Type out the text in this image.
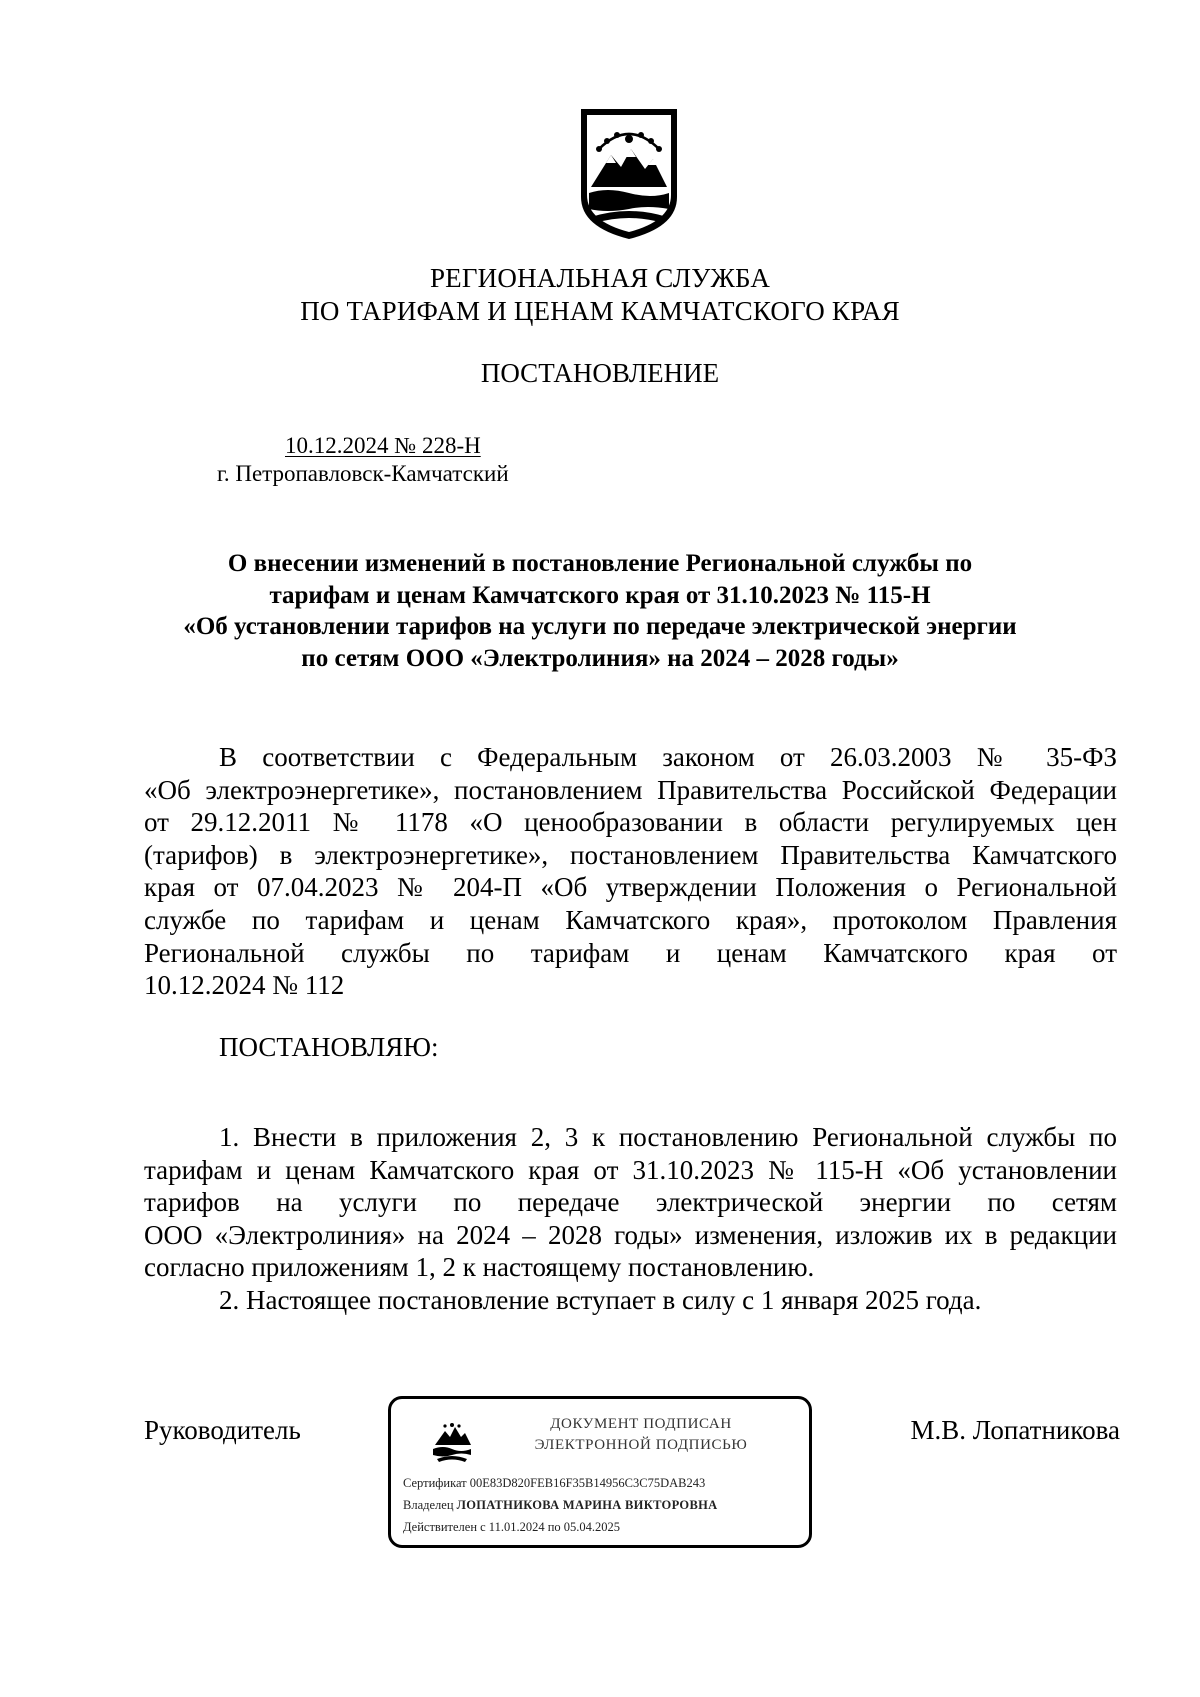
РЕГИОНАЛЬНАЯ СЛУЖБА
ПО ТАРИФАМ И ЦЕНАМ КАМЧАТСКОГО КРАЯ
ПОСТАНОВЛЕНИЕ
10.12.2024 № 228-Н
г. Петропавловск-Камчатский
О внесении изменений в постановление Региональной службы по
тарифам и ценам Камчатского края от 31.10.2023 № 115-Н
«Об установлении тарифов на услуги по передаче электрической энергии
по сетям ООО «Электролиния» на 2024 – 2028 годы»
В соответствии с Федеральным законом от 26.03.2003 № 35-ФЗ
«Об электроэнергетике», постановлением Правительства Российской Федерации
от 29.12.2011 № 1178 «О ценообразовании в области регулируемых цен
(тарифов) в электроэнергетике», постановлением Правительства Камчатского
края от 07.04.2023 № 204-П «Об утверждении Положения о Региональной
службе по тарифам и ценам Камчатского края», протоколом Правления
Региональной службы по тарифам и ценам Камчатского края от
10.12.2024 № 112
ПОСТАНОВЛЯЮ:
1. Внести в приложения 2, 3 к постановлению Региональной службы по
тарифам и ценам Камчатского края от 31.10.2023 № 115-Н «Об установлении
тарифов на услуги по передаче электрической энергии по сетям
ООО «Электролиния» на 2024 – 2028 годы» изменения, изложив их в редакции
согласно приложениям 1, 2 к настоящему постановлению.
2. Настоящее постановление вступает в силу с 1 января 2025 года.
Руководитель	М.В. Лопатникова
ДОКУМЕНТ ПОДПИСАН
ЭЛЕКТРОННОЙ ПОДПИСЬЮ
Сертификат 00E83D820FEB16F35B14956C3C75DAB243
Владелец ЛОПАТНИКОВА МАРИНА ВИКТОРОВНА
Действителен с 11.01.2024 по 05.04.2025
